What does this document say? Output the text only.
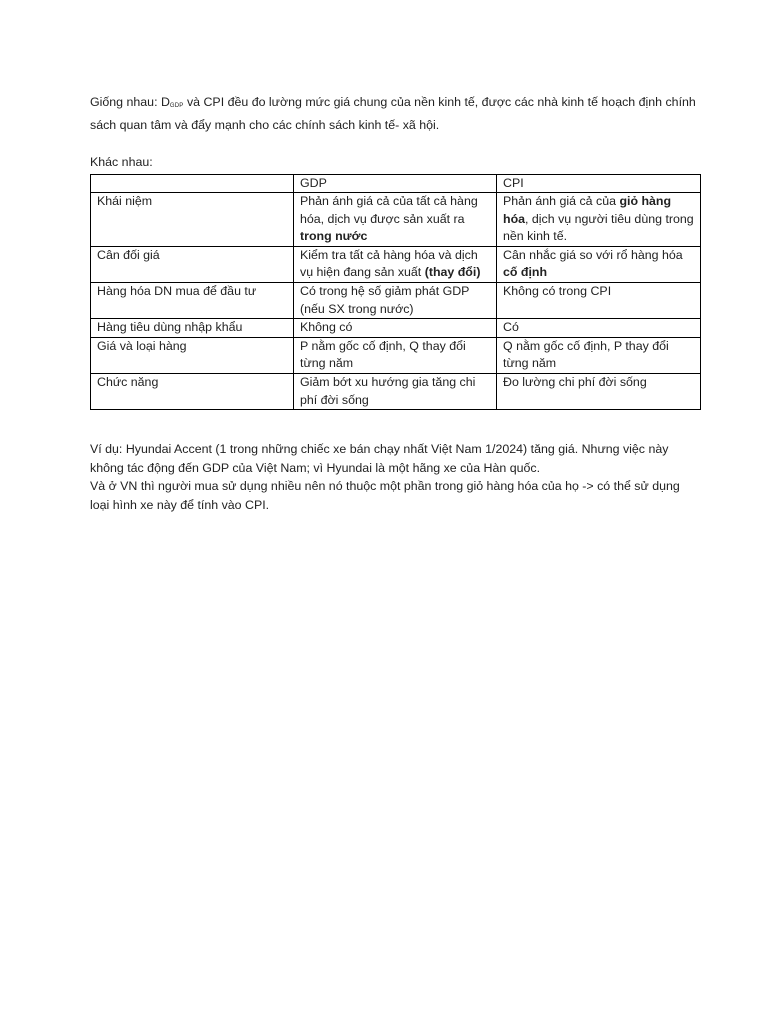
Giống nhau: $D_{GDP}$ và CPI đều đo lường mức giá chung của nền kinh tế, được các nhà kinh tế hoạch định chính sách quan tâm và đẩy mạnh cho các chính sách kinh tế- xã hội.

Khác nhau:

	GDP	CPI
Khái niệm	Phản ánh giá cả của tất cả hàng hóa, dịch vụ được sản xuất ra trong nước	Phản ánh giá cả của giỏ hàng hóa, dịch vụ người tiêu dùng trong nền kinh tế.
Cân đối giá	Kiểm tra tất cả hàng hóa và dịch vụ hiện đang sản xuất (thay đổi)	Cân nhắc giá so với rổ hàng hóa cố định
Hàng hóa DN mua để đầu tư	Có trong hệ số giảm phát GDP (nếu SX trong nước)	Không có trong CPI
Hàng tiêu dùng nhập khẩu	Không có	Có
Giá và loại hàng	P nằm gốc cố định, Q thay đổi từng năm	Q nằm gốc cố định, P thay đổi từng năm
Chức năng	Giảm bớt xu hướng gia tăng chi phí đời sống	Đo lường chi phí đời sống

Ví dụ: Hyundai Accent (1 trong những chiếc xe bán chạy nhất Việt Nam 1/2024) tăng giá. Nhưng việc này không tác động đến GDP của Việt Nam; vì Hyundai là một hãng xe của Hàn quốc.

Và ở VN thì người mua sử dụng nhiều nên nó thuộc một phần trong giỏ hàng hóa của họ -> có thể sử dụng loại hình xe này để tính vào CPI.
